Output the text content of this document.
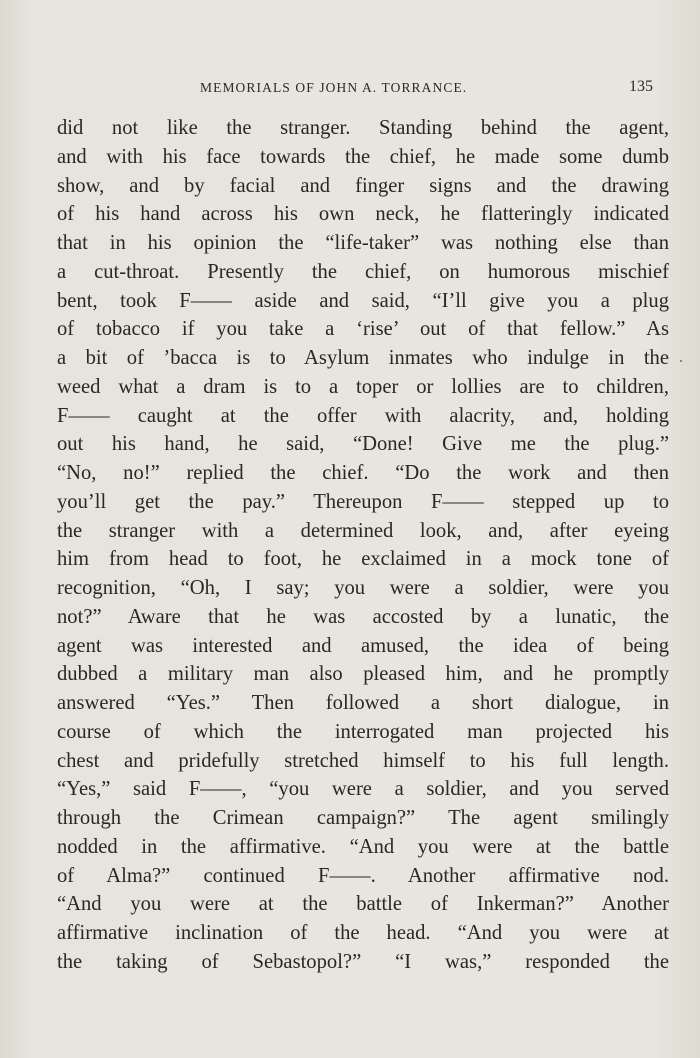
MEMORIALS OF JOHN A. TORRANCE.	135
did not like the stranger. Standing behind the agent,
and with his face towards the chief, he made some dumb
show, and by facial and finger signs and the drawing
of his hand across his own neck, he flatteringly indicated
that in his opinion the “life-taker” was nothing else than
a cut-throat. Presently the chief, on humorous mischief
bent, took F—— aside and said, “I’ll give you a plug
of tobacco if you take a ‘rise’ out of that fellow.” As
a bit of ’bacca is to Asylum inmates who indulge in the
weed what a dram is to a toper or lollies are to children,
F—— caught at the offer with alacrity, and, holding
out his hand, he said, “Done! Give me the plug.”
“No, no!” replied the chief. “Do the work and then
you’ll get the pay.” Thereupon F—— stepped up to
the stranger with a determined look, and, after eyeing
him from head to foot, he exclaimed in a mock tone of
recognition, “Oh, I say; you were a soldier, were you
not?” Aware that he was accosted by a lunatic, the
agent was interested and amused, the idea of being
dubbed a military man also pleased him, and he promptly
answered “Yes.” Then followed a short dialogue, in
course of which the interrogated man projected his
chest and pridefully stretched himself to his full length.
“Yes,” said F——, “you were a soldier, and you served
through the Crimean campaign?” The agent smilingly
nodded in the affirmative. “And you were at the battle
of Alma?” continued F——. Another affirmative nod.
“And you were at the battle of Inkerman?” Another
affirmative inclination of the head. “And you were at
the taking of Sebastopol?” “I was,” responded the
